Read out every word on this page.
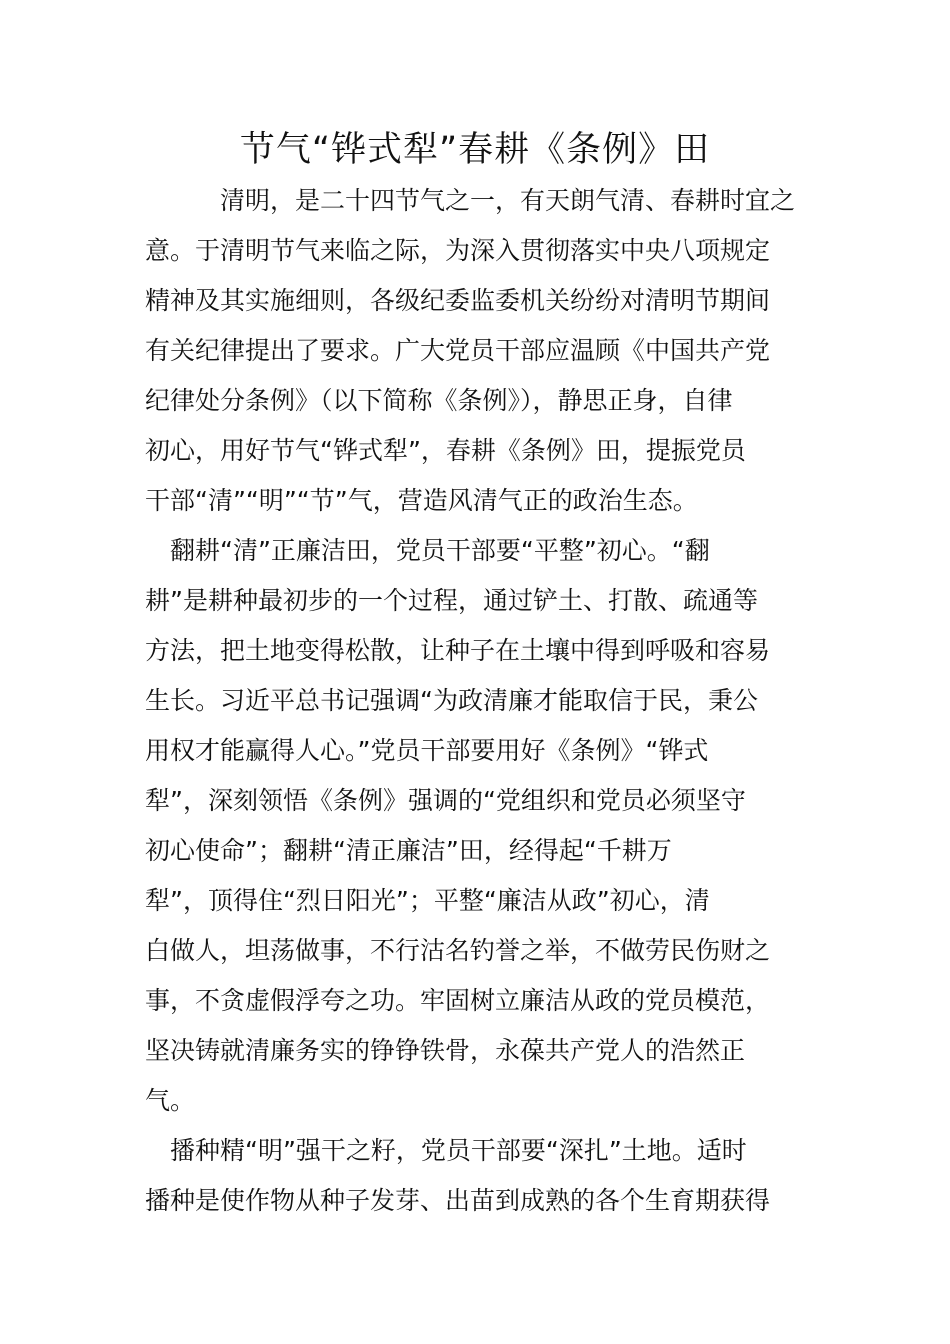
节气“铧式犁”春耕《条例》田
　　　清明，是二十四节气之一，有天朗气清、春耕时宜之
意。于清明节气来临之际，为深入贯彻落实中央八项规定
精神及其实施细则，各级纪委监委机关纷纷对清明节期间
有关纪律提出了要求。广大党员干部应温顾《中国共产党
纪律处分条例》（以下简称《条例》），静思正身，自律
初心，用好节气“铧式犁”，春耕《条例》田，提振党员
干部“清”“明”“节”气，营造风清气正的政治生态。
　翻耕“清”正廉洁田，党员干部要“平整”初心。“翻
耕”是耕种最初步的一个过程，通过铲土、打散、疏通等
方法，把土地变得松散，让种子在土壤中得到呼吸和容易
生长。习近平总书记强调“为政清廉才能取信于民，秉公
用权才能赢得人心。”党员干部要用好《条例》“铧式
犁”，深刻领悟《条例》强调的“党组织和党员必须坚守
初心使命”；翻耕“清正廉洁”田，经得起“千耕万
犁”，顶得住“烈日阳光”；平整“廉洁从政”初心，清
白做人，坦荡做事，不行沽名钓誉之举，不做劳民伤财之
事，不贪虚假浮夸之功。牢固树立廉洁从政的党员模范，
坚决铸就清廉务实的铮铮铁骨，永葆共产党人的浩然正
气。
　播种精“明”强干之籽，党员干部要“深扎”土地。适时
播种是使作物从种子发芽、出苗到成熟的各个生育期获得
